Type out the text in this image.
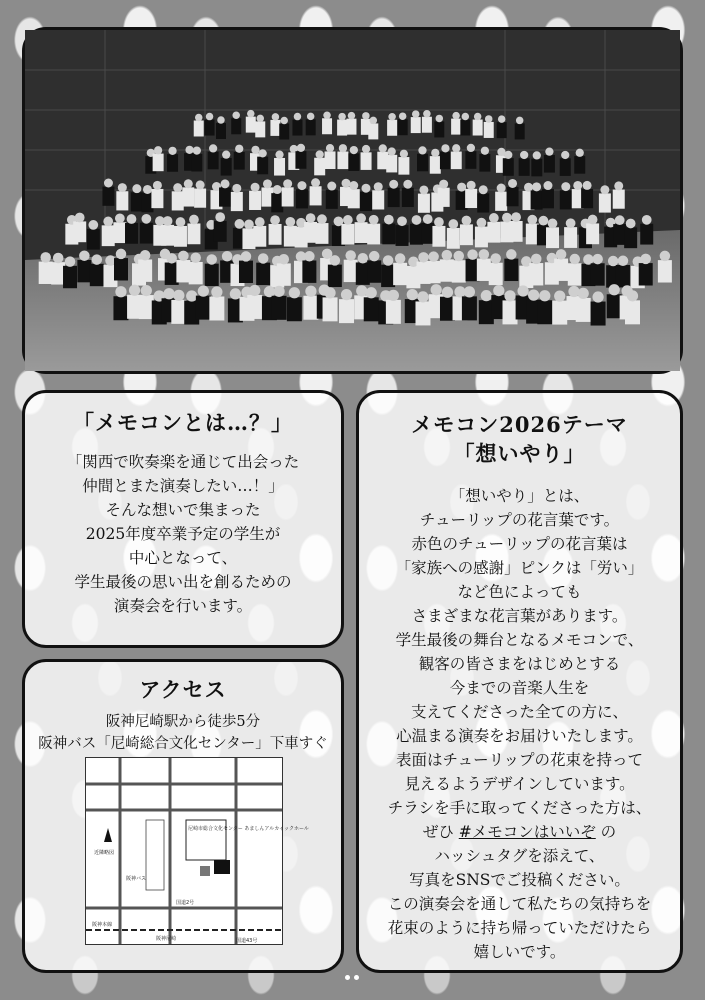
「メモコンとは…？」
「関西で吹奏楽を通じて出会った
仲間とまた演奏したい…！」
そんな想いで集まった
2025年度卒業予定の学生が
中心となって、
学生最後の思い出を創るための
演奏会を行います。
アクセス
阪神尼崎駅から徒歩5分
阪神バス「尼崎総合文化センター」下車すぐ
近隣略図
尼崎市総合文化センター あましんアルカイックホール
阪神本線
阪神尼崎
国道2号
国道43号
阪神バス
メモコン2026テーマ
「想いやり」
「想いやり」とは、
チューリップの花言葉です。
赤色のチューリップの花言葉は
「家族への感謝」ピンクは「労い」
など色によっても
さまざまな花言葉があります。
学生最後の舞台となるメモコンで、
観客の皆さまをはじめとする
今までの音楽人生を
支えてくださった全ての方に、
心温まる演奏をお届けいたします。
表面はチューリップの花束を持って
見えるようデザインしています。
チラシを手に取ってくださった方は、
ぜひ #メモコンはいいぞ の
ハッシュタグを添えて、
写真をSNSでご投稿ください。
この演奏会を通して私たちの気持ちを
花束のように持ち帰っていただけたら
嬉しいです。
